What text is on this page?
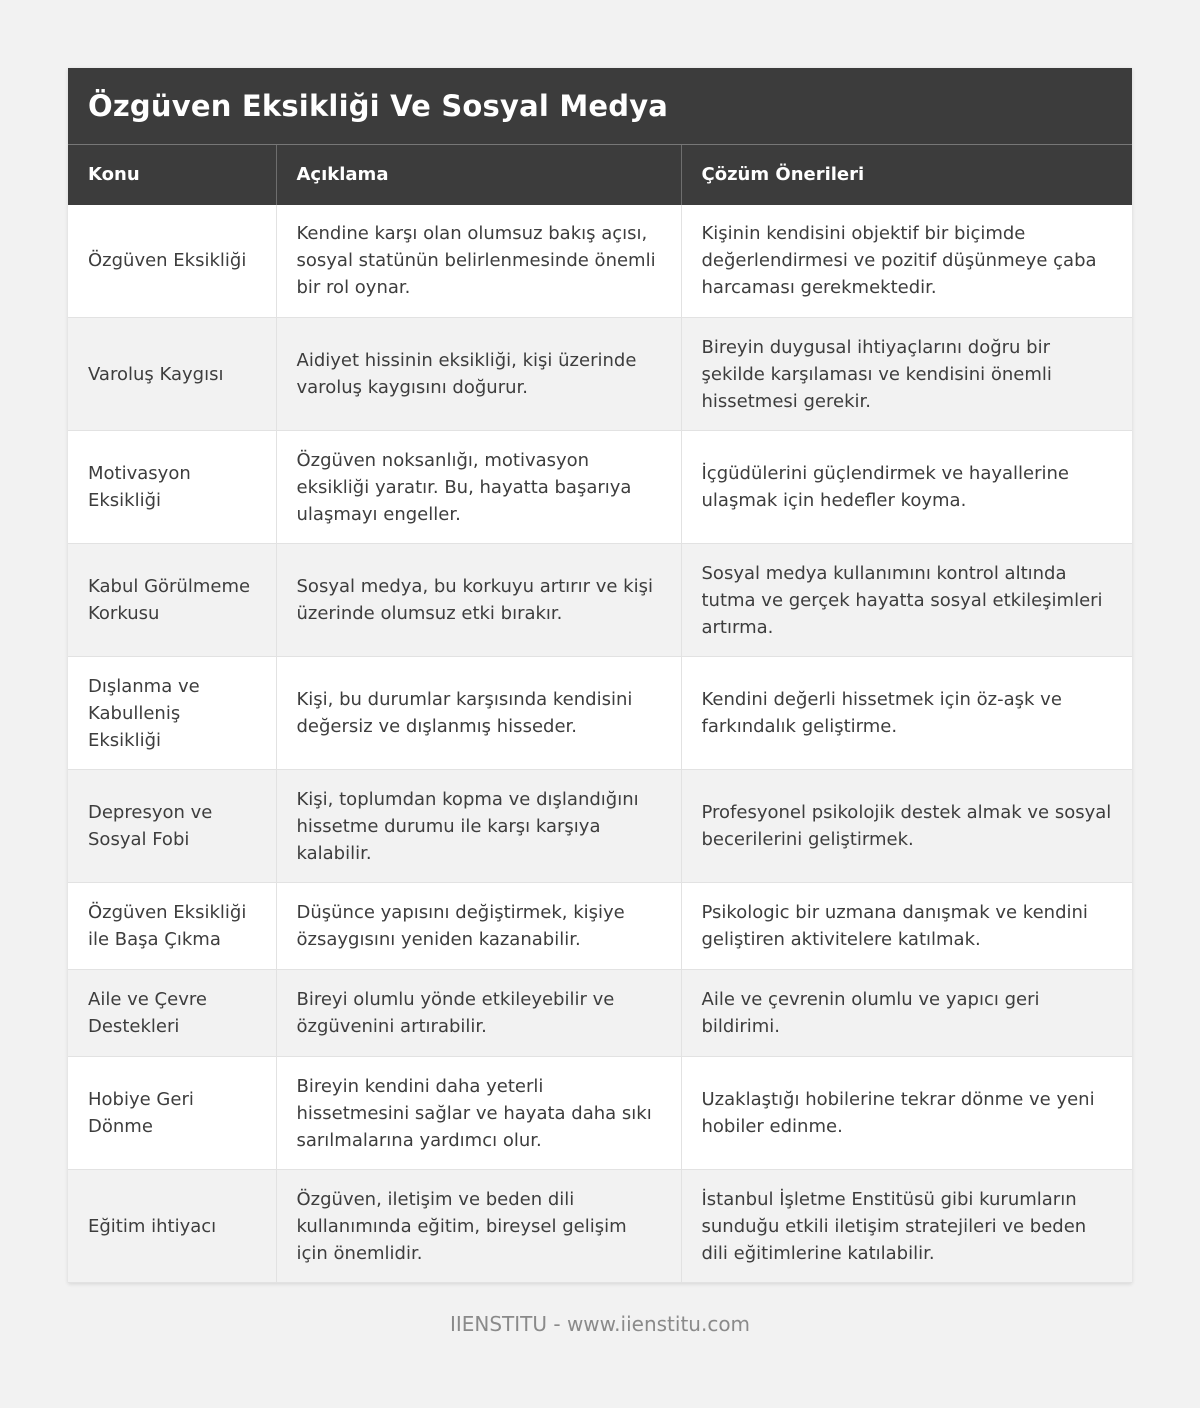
Özgüven Eksikliği Ve Sosyal Medya
Konu	Açıklama	Çözüm Önerileri
Özgüven Eksikliği	Kendine karşı olan olumsuz bakış açısı, sosyal statünün belirlenmesinde önemli bir rol oynar.	Kişinin kendisini objektif bir biçimde değerlendirmesi ve pozitif düşünmeye çaba harcaması gerekmektedir.
Varoluş Kaygısı	Aidiyet hissinin eksikliği, kişi üzerinde varoluş kaygısını doğurur.	Bireyin duygusal ihtiyaçlarını doğru bir şekilde karşılaması ve kendisini önemli hissetmesi gerekir.
Motivasyon Eksikliği	Özgüven noksanlığı, motivasyon eksikliği yaratır. Bu, hayatta başarıya ulaşmayı engeller.	İçgüdülerini güçlendirmek ve hayallerine ulaşmak için hedefler koyma.
Kabul Görülmeme Korkusu	Sosyal medya, bu korkuyu artırır ve kişi üzerinde olumsuz etki bırakır.	Sosyal medya kullanımını kontrol altında tutma ve gerçek hayatta sosyal etkileşimleri artırma.
Dışlanma ve Kabulleniş Eksikliği	Kişi, bu durumlar karşısında kendisini değersiz ve dışlanmış hisseder.	Kendini değerli hissetmek için öz-aşk ve farkındalık geliştirme.
Depresyon ve Sosyal Fobi	Kişi, toplumdan kopma ve dışlandığını hissetme durumu ile karşı karşıya kalabilir.	Profesyonel psikolojik destek almak ve sosyal becerilerini geliştirmek.
Özgüven Eksikliği ile Başa Çıkma	Düşünce yapısını değiştirmek, kişiye özsaygısını yeniden kazanabilir.	Psikologic bir uzmana danışmak ve kendini geliştiren aktivitelere katılmak.
Aile ve Çevre Destekleri	Bireyi olumlu yönde etkileyebilir ve özgüvenini artırabilir.	Aile ve çevrenin olumlu ve yapıcı geri bildirimi.
Hobiye Geri Dönme	Bireyin kendini daha yeterli hissetmesini sağlar ve hayata daha sıkı sarılmalarına yardımcı olur.	Uzaklaştığı hobilerine tekrar dönme ve yeni hobiler edinme.
Eğitim ihtiyacı	Özgüven, iletişim ve beden dili kullanımında eğitim, bireysel gelişim için önemlidir.	İstanbul İşletme Enstitüsü gibi kurumların sunduğu etkili iletişim stratejileri ve beden dili eğitimlerine katılabilir.
IIENSTITU - www.iienstitu.com
